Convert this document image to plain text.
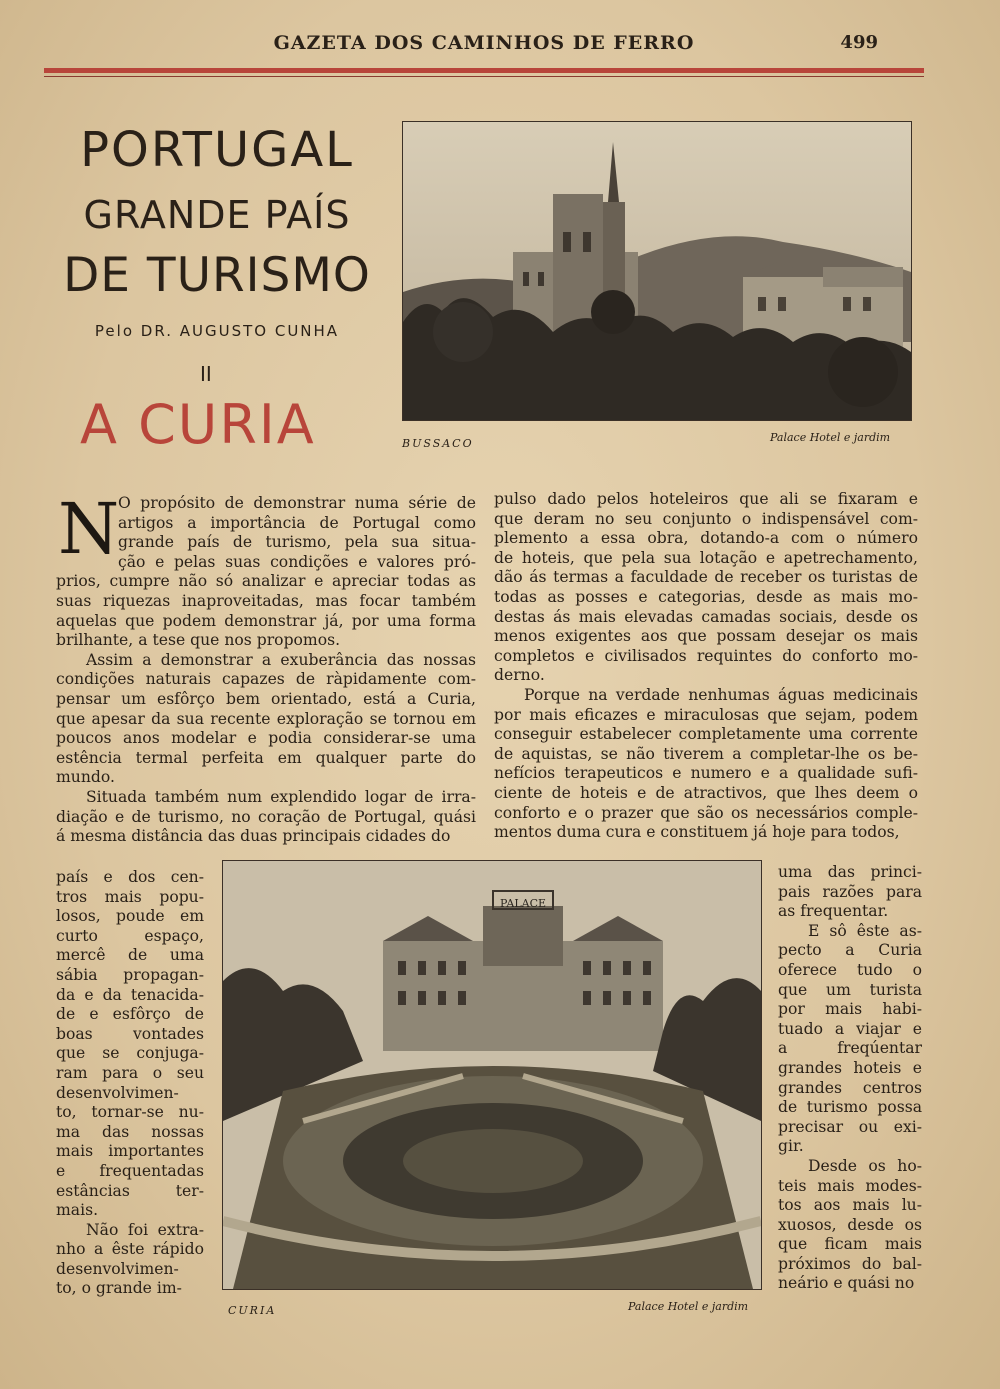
GAZETA DOS CAMINHOS DE FERRO	499
PORTUGAL
GRANDE PAÍS
DE TURISMO
Pelo DR. AUGUSTO CUNHA
II
A CURIA	BUSSACO	Palace Hotel e jardim
N
O propósito de demonstrar numa série de
artigos a importância de Portugal como
grande país de turismo, pela sua situa-
ção e pelas suas condições e valores pró-
prios, cumpre não só analizar e apreciar todas as
suas riquezas inaproveitadas, mas focar também
aquelas que podem demonstrar já, por uma forma
brilhante, a tese que nos propomos.
Assim a demonstrar a exuberância das nossas
condições naturais capazes de ràpidamente com-
pensar um esfôrço bem orientado, está a Curia,
que apesar da sua recente exploração se tornou em
poucos anos modelar e podia considerar-se uma
estência termal perfeita em qualquer parte do
mundo.
Situada também num explendido logar de irra-
diação e de turismo, no coração de Portugal, quási
á mesma distância das duas principais cidades do
pulso dado pelos hoteleiros que ali se fixaram e
que deram no seu conjunto o indispensável com-
plemento a essa obra, dotando-a com o número
de hoteis, que pela sua lotação e apetrechamento,
dão ás termas a faculdade de receber os turistas de
todas as posses e categorias, desde as mais mo-
destas ás mais elevadas camadas sociais, desde os
menos exigentes aos que possam desejar os mais
completos e civilisados requintes do conforto mo-
derno.
Porque na verdade nenhumas águas medicinais
por mais eficazes e miraculosas que sejam, podem
conseguir estabelecer completamente uma corrente
de aquistas, se não tiverem a completar-lhe os be-
nefícios terapeuticos e numero e a qualidade sufi-
ciente de hoteis e de atractivos, que lhes deem o
conforto e o prazer que são os necessários comple-
mentos duma cura e constituem já hoje para todos,
PALACE
CURIA	Palace Hotel e jardim
país e dos cen-
tros mais popu-
losos, poude em
curto espaço,
mercê de uma
sábia propagan-
da e da tenacida-
de e esfôrço de
boas vontades
que se conjuga-
ram para o seu
desenvolvimen-
to, tornar-se nu-
ma das nossas
mais importantes
e frequentadas
estâncias ter-
mais.
Não foi extra-
nho a êste rápido
desenvolvimen-
to, o grande im-
uma das princi-
pais razões para
as frequentar.
E sô êste as-
pecto a Curia
oferece tudo o
que um turista
por mais habi-
tuado a viajar e
a freqúentar
grandes hoteis e
grandes centros
de turismo possa
precisar ou exi-
gir.
Desde os ho-
teis mais modes-
tos aos mais lu-
xuosos, desde os
que ficam mais
próximos do bal-
neário e quási no
